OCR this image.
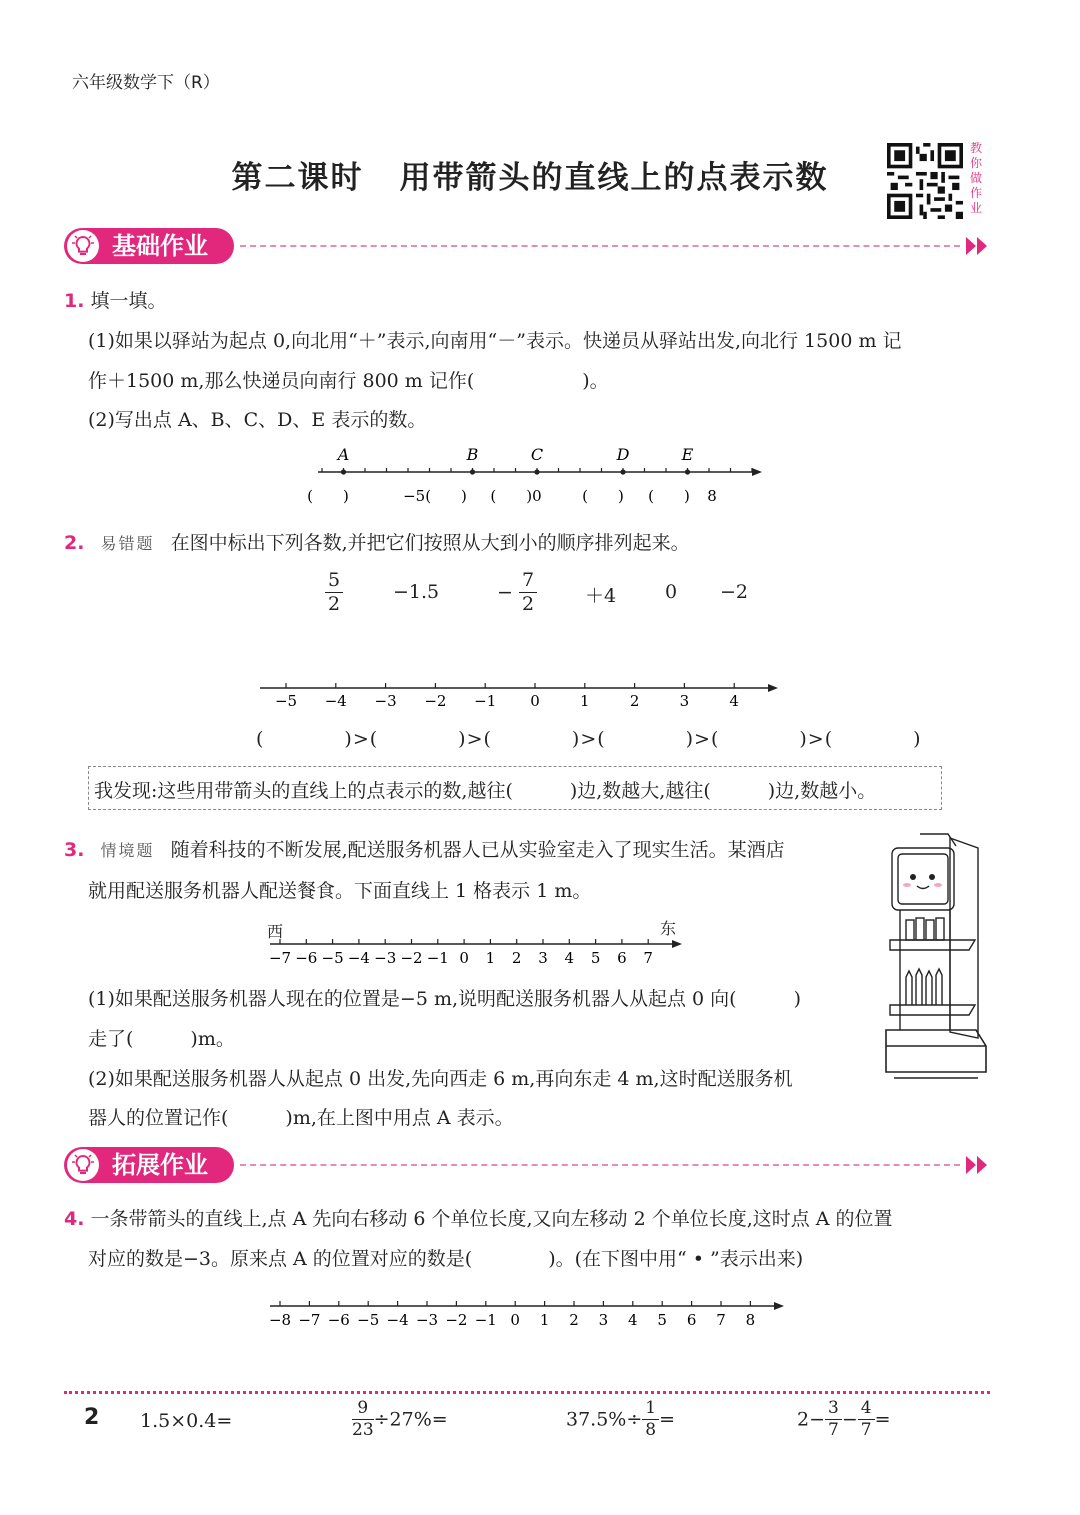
六年级数学下（R）
第二课时 用带箭头的直线上的点表示数
教你做作业
基础作业
1. 填一填。
(1)如果以驿站为起点 0,向北用“＋”表示,向南用“－”表示。快递员从驿站出发,向北行 1500 m 记
作＋1500 m,那么快递员向南行 800 m 记作(	)。
(2)写出点 A、B、C、D、E 表示的数。
A	B	C	D	E
(　　)	−5(　　) (　　)0	(　　) (　　) 8
2. 易错题 在图中标出下列各数,并把它们按照从大到小的顺序排列起来。
$\frac{5}{2}$	−1.5	− $\frac{7}{2}$	＋4	0 −2
−5 −4 −3 −2 −1 0	1	2	3	4
(　　　　)>(　　　　)>(　　　　)>(　　　　)>(　　　　)>(　　　　)
我发现:这些用带箭头的直线上的点表示的数,越往(　　　)边,数越大,越往(　　　)边,数越小。
3. 情境题 随着科技的不断发展,配送服务机器人已从实验室走入了现实生活。某酒店
就用配送服务机器人配送餐食。下面直线上 1 格表示 1 m。
西	东
−7 −6 −5 −4 −3 −2 −1 0 1 2 3 4 5 6 7
(1)如果配送服务机器人现在的位置是−5 m,说明配送服务机器人从起点 0 向(　　　)
走了(　　　)m。
(2)如果配送服务机器人从起点 0 出发,先向西走 6 m,再向东走 4 m,这时配送服务机
器人的位置记作(　　　)m,在上图中用点 A 表示。
拓展作业
4. 一条带箭头的直线上,点 A 先向右移动 6 个单位长度,又向左移动 2 个单位长度,这时点 A 的位置
对应的数是−3。原来点 A 的位置对应的数是(　　　　)。(在下图中用“ • ”表示出来)
−8 −7 −6 −5 −4 −3 −2 −1 0 1 2 3 4 5 6 7 8
2 1.5×0.4=	$\frac{9}{23} \div 27\%=$	$37.5\%\div \frac{1}{8}$ =	$2- \frac{3}{7} - \frac{4}{7}$ =
